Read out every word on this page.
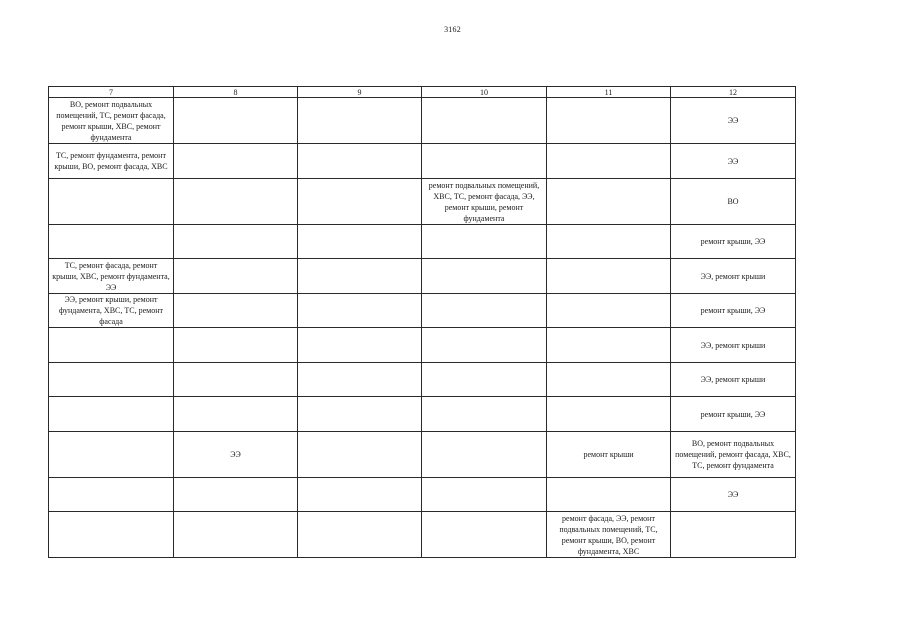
3162
7	8	9	10	11	12
ВО, ремонт подвальных помещений, ТС, ремонт фасада, ремонт крыши, ХВС, ремонт фундамента					ЭЭ
ТС, ремонт фундамента, ремонт крыши, ВО, ремонт фасада, ХВС					ЭЭ
			ремонт подвальных помещений, ХВС, ТС, ремонт фасада, ЭЭ, ремонт крыши, ремонт фундамента		ВО
					ремонт крыши, ЭЭ
ТС, ремонт фасада, ремонт крыши, ХВС, ремонт фундамента, ЭЭ					ЭЭ, ремонт крыши
ЭЭ, ремонт крыши, ремонт фундамента, ХВС, ТС, ремонт фасада					ремонт крыши, ЭЭ
					ЭЭ, ремонт крыши
					ЭЭ, ремонт крыши
					ремонт крыши, ЭЭ
	ЭЭ			ремонт крыши	ВО, ремонт подвальных помещений, ремонт фасада, ХВС, ТС, ремонт фундамента
					ЭЭ
				ремонт фасада, ЭЭ, ремонт подвальных помещений, ТС, ремонт крыши, ВО, ремонт фундамента, ХВС	
